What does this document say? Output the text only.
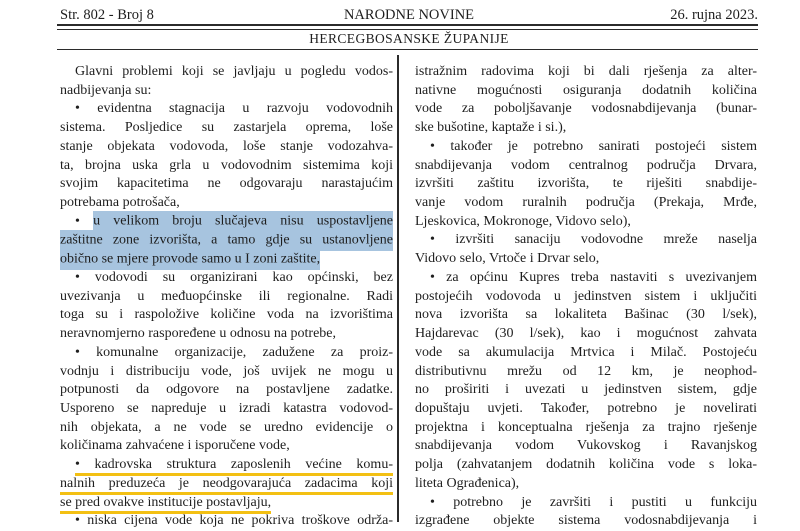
Str. 802 - Broj 8	NARODNE NOVINE	26. rujna 2023.
HERCEGBOSANSKE ŽUPANIJE
Glavni problemi koji se javljaju u pogledu vodos-
nadbijevanja su:
• evidentna stagnacija u razvoju vodovodnih
sistema. Posljedice su zastarjela oprema, loše
stanje objekata vodovoda, loše stanje vodozahva-
ta, brojna uska grla u vodovodnim sistemima koji
svojim kapacitetima ne odgovaraju narastajućim
potrebama potrošača,
• u velikom broju slučajeva nisu uspostavljene
zaštitne zone izvorišta, a tamo gdje su ustanovljene
obično se mjere provode samo u I zoni zaštite,
• vodovodi su organizirani kao općinski, bez
uvezivanja u međuopćinske ili regionalne. Radi
toga su i raspoložive količine voda na izvorištima
neravnomjerno raspoređene u odnosu na potrebe,
• komunalne organizacije, zadužene za proiz-
vodnju i distribuciju vode, još uvijek ne mogu u
potpunosti da odgovore na postavljene zadatke.
Usporeno se napreduje u izradi katastra vodovod-
nih objekata, a ne vode se uredno evidencije o
količinama zahvaćene i isporučene vode,
• kadrovska struktura zaposlenih većine komu-
nalnih preduzeća je neodgovarajuća zadacima koji
se pred ovakve institucije postavljaju,
• niska cijena vode koja ne pokriva troškove održa-
istražnim radovima koji bi dali rješenja za alter-
nativne mogućnosti osiguranja dodatnih količina
vode za poboljšavanje vodosnabdijevanja (bunar-
ske bušotine, kaptaže i si.),
• također je potrebno sanirati postojeći sistem
snabdijevanja vodom centralnog područja Drvara,
izvršiti zaštitu izvorišta, te riješiti snabdije-
vanje vodom ruralnih područja (Prekaja, Mrđe,
Ljeskovica, Mokronoge, Vidovo selo),
• izvršiti sanaciju vodovodne mreže naselja
Vidovo selo, Vrtoče i Drvar selo,
• za općinu Kupres treba nastaviti s uvezivanjem
postojećih vodovoda u jedinstven sistem i uključiti
nova izvorišta sa lokaliteta Bašinac (30 l/sek),
Hajdarevac (30 l/sek), kao i mogućnost zahvata
vode sa akumulacija Mrtvica i Milač. Postojeću
distributivnu mrežu od 12 km, je neophod-
no proširiti i uvezati u jedinstven sistem, gdje
dopuštaju uvjeti. Također, potrebno je novelirati
projektna i konceptualna rješenja za trajno rješenje
snabdijevanja vodom Vukovskog i Ravanjskog
polja (zahvatanjem dodatnih količina vode s loka-
liteta Ograđenica),
• potrebno je završiti i pustiti u funkciju
izgrađene objekte sistema vodosnabdijevanja i
